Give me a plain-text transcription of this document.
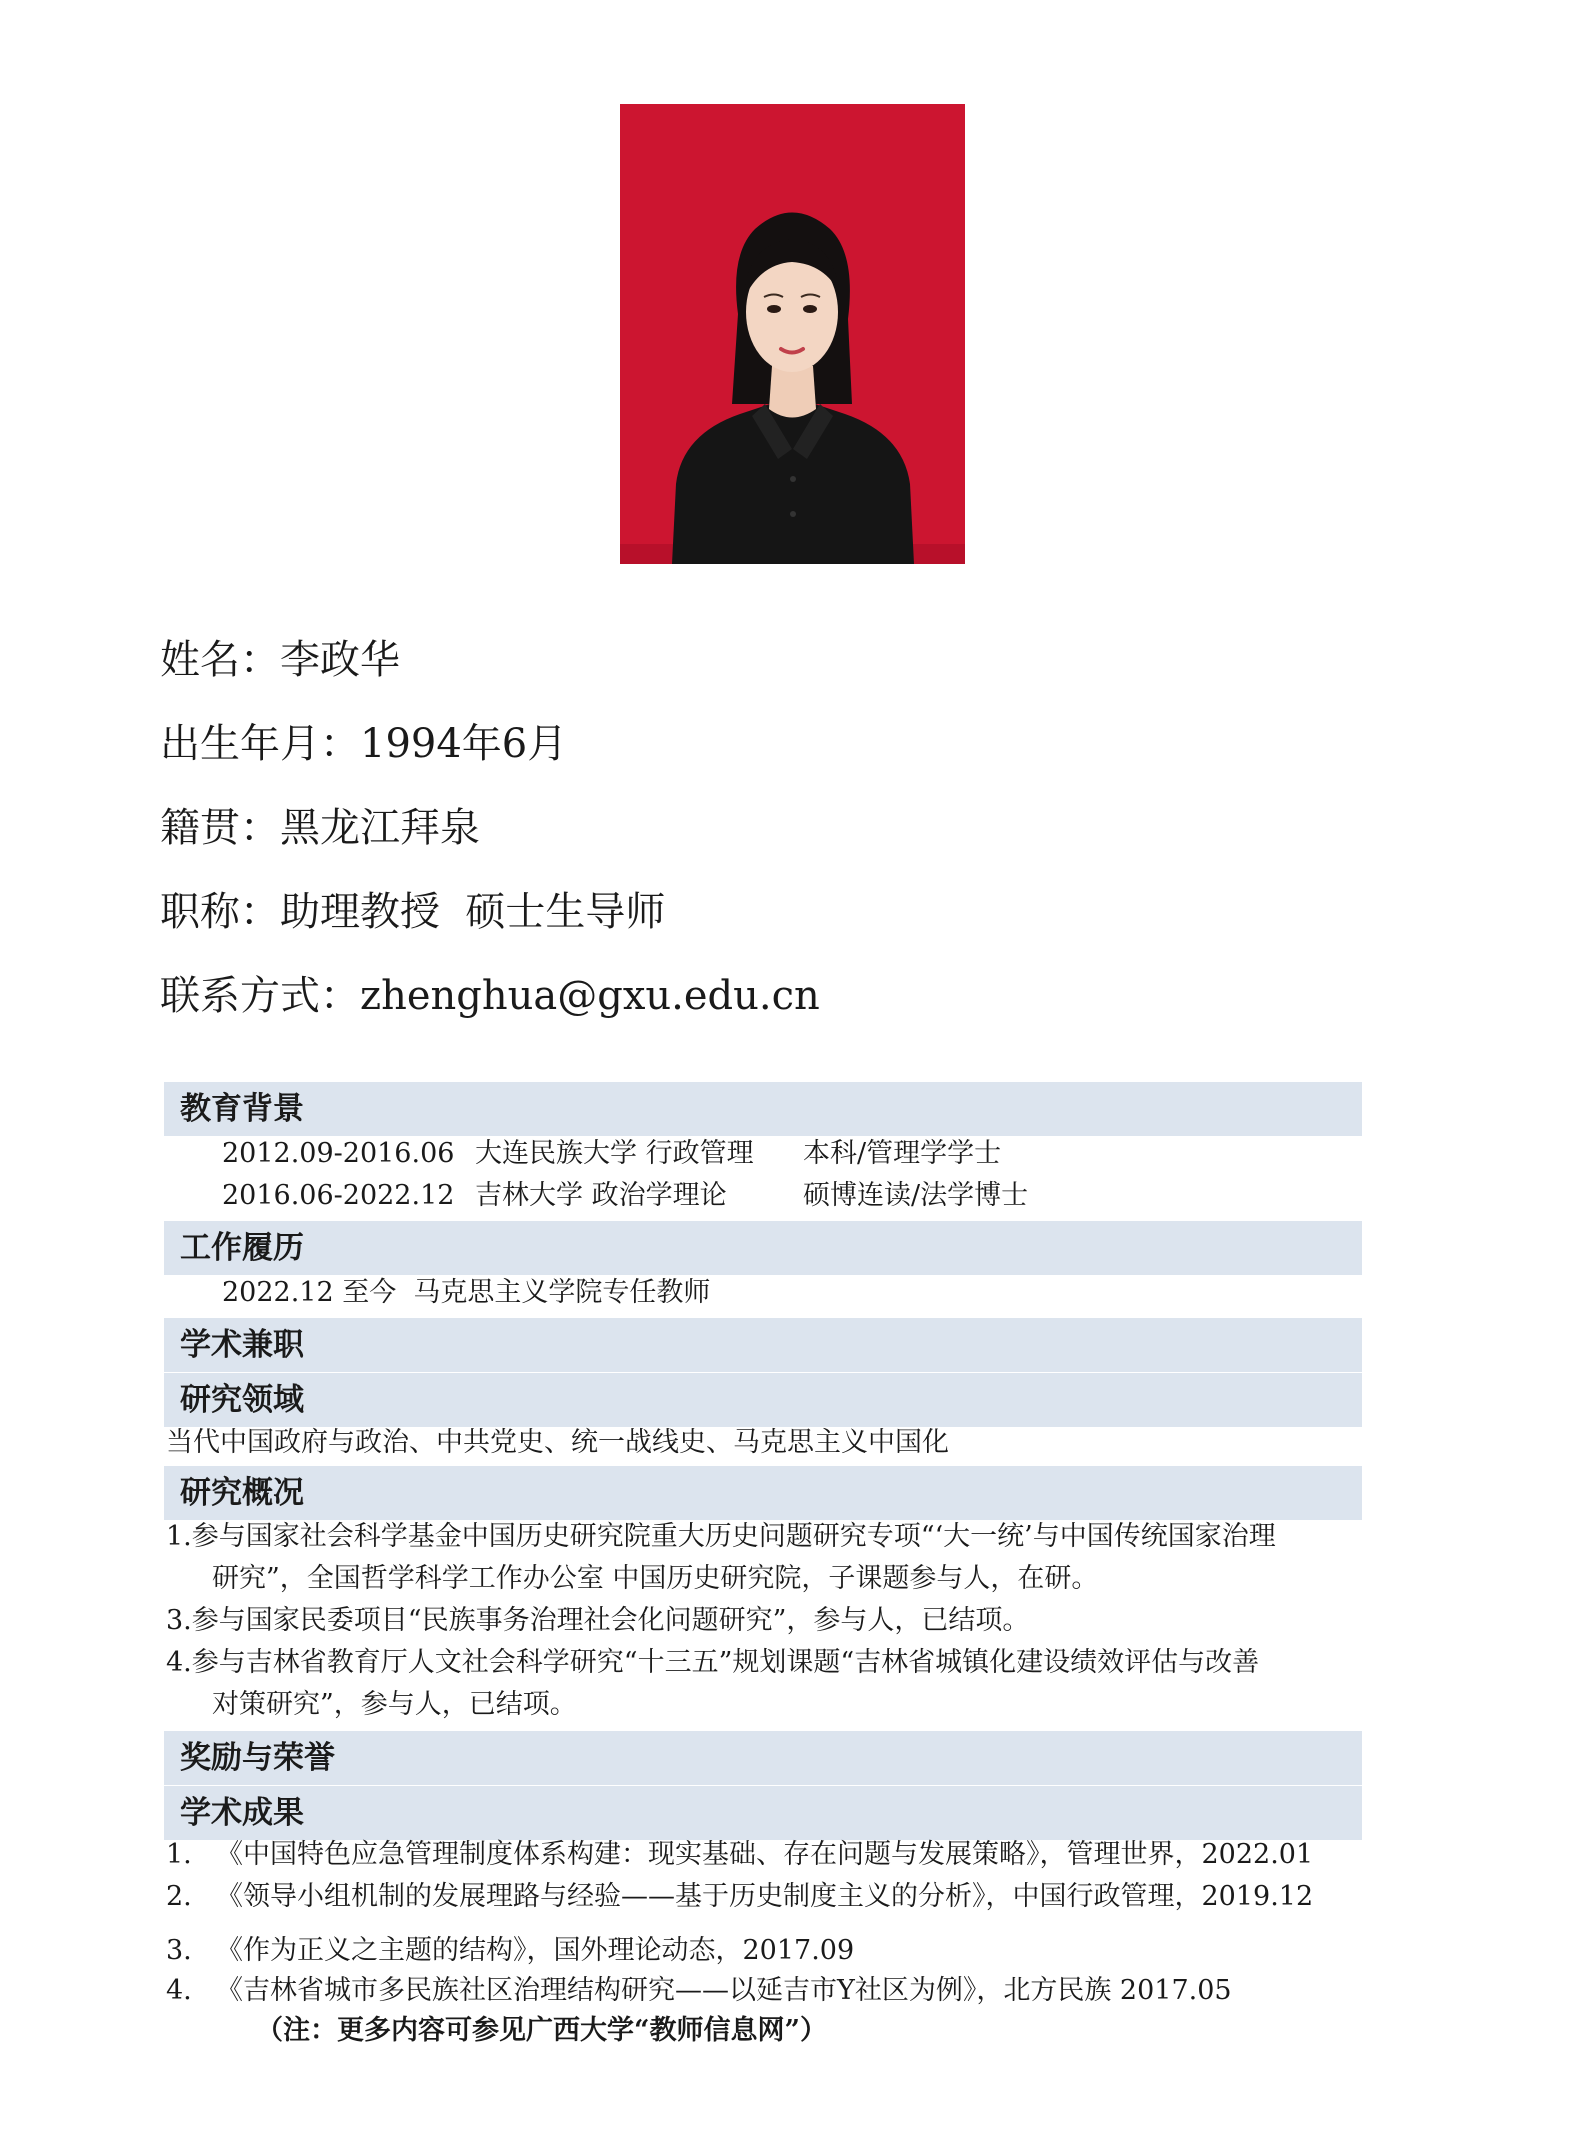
姓名：李政华
出生年月：1994年6月
籍贯：黑龙江拜泉
职称：助理教授  硕士生导师
联系方式：zhenghua@gxu.edu.cn
教育背景
2012.09-2016.06 大连民族大学 行政管理 本科/管理学学士
2016.06-2022.12 吉林大学 政治学理论	硕博连读/法学博士
工作履历
2022.12 至今  马克思主义学院专任教师
学术兼职
研究领域
当代中国政府与政治、中共党史、统一战线史、马克思主义中国化
研究概况
1.参与国家社会科学基金中国历史研究院重大历史问题研究专项“‘大一统’与中国传统国家治理
研究”，全国哲学科学工作办公室 中国历史研究院，子课题参与人，在研。
3.参与国家民委项目“民族事务治理社会化问题研究”，参与人，已结项。
4.参与吉林省教育厅人文社会科学研究“十三五”规划课题“吉林省城镇化建设绩效评估与改善
对策研究”，参与人，已结项。
奖励与荣誉
学术成果
1. 《中国特色应急管理制度体系构建：现实基础、存在问题与发展策略》，管理世界，2022.01
2. 《领导小组机制的发展理路与经验——基于历史制度主义的分析》，中国行政管理，2019.12
3. 《作为正义之主题的结构》，国外理论动态，2017.09
4. 《吉林省城市多民族社区治理结构研究——以延吉市Y社区为例》，北方民族 2017.05
（注：更多内容可参见广西大学“教师信息网”）
